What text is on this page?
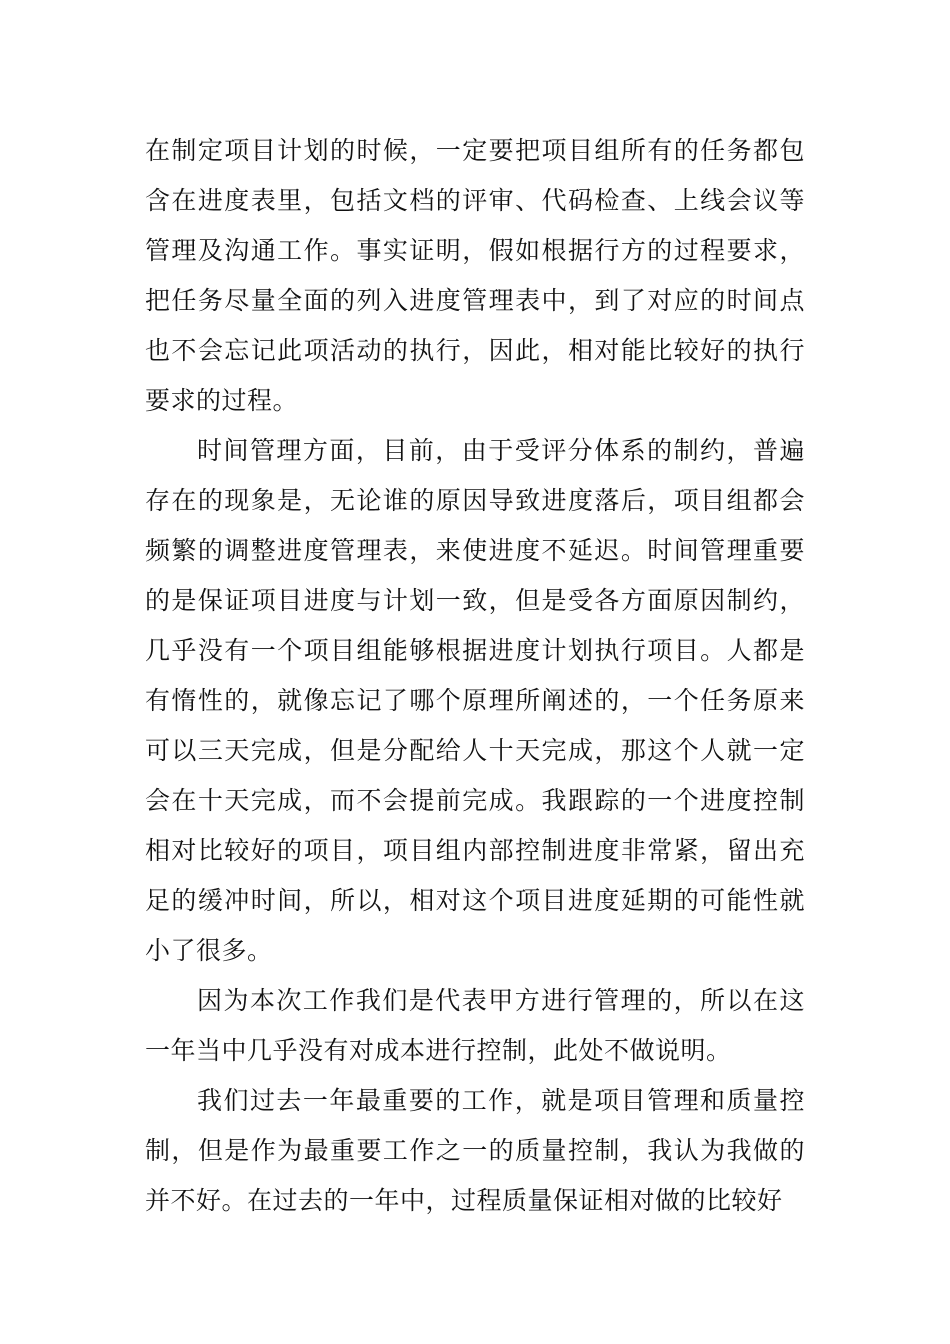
在制定项目计划的时候，一定要把项目组所有的任务都包含在进度表里，包括文档的评审、代码检查、上线会议等管理及沟通工作。事实证明，假如根据行方的过程要求，把任务尽量全面的列入进度管理表中，到了对应的时间点也不会忘记此项活动的执行，因此，相对能比较好的执行要求的过程。

时间管理方面，目前，由于受评分体系的制约，普遍存在的现象是，无论谁的原因导致进度落后，项目组都会频繁的调整进度管理表，来使进度不延迟。时间管理重要的是保证项目进度与计划一致，但是受各方面原因制约，几乎没有一个项目组能够根据进度计划执行项目。人都是有惰性的，就像忘记了哪个原理所阐述的，一个任务原来可以三天完成，但是分配给人十天完成，那这个人就一定会在十天完成，而不会提前完成。我跟踪的一个进度控制相对比较好的项目，项目组内部控制进度非常紧，留出充足的缓冲时间，所以，相对这个项目进度延期的可能性就小了很多。

因为本次工作我们是代表甲方进行管理的，所以在这一年当中几乎没有对成本进行控制，此处不做说明。

我们过去一年最重要的工作，就是项目管理和质量控制，但是作为最重要工作之一的质量控制，我认为我做的并不好。在过去的一年中，过程质量保证相对做的比较好
